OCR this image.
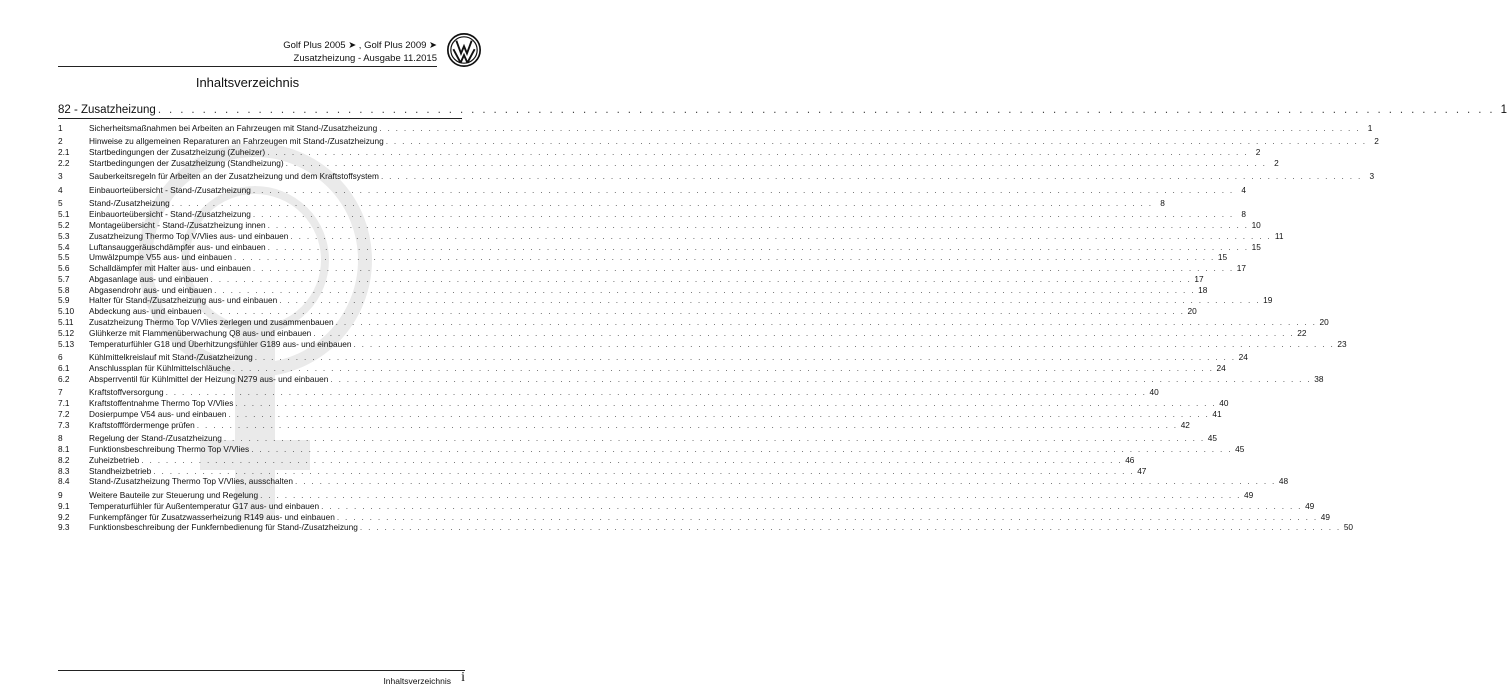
Golf Plus 2005 ➤ , Golf Plus 2009 ➤
Zusatzheizung - Ausgabe 11.2015
Inhaltsverzeichnis
82 - Zusatzheizung . . . . . . . . . . . . . . . . . . . . . . . . . . . . . . . . . . . . . . . . . . . . . . . . . . . . . . . . . . . . . . . . . . . . . . . . . . . . . . . . . . . . . . . . . . . . . . . . . . . . . . . . . . . . . . . . . . . . . . . . 1
1	Sicherheitsmaßnahmen bei Arbeiten an Fahrzeugen mit Stand-/Zusatzheizung . . . . . . . . . . . . . . . . . . . . . . . . . . . . . . . . . . . . . . . . . . . . . . . . . . . . . . . . . . . . . . . . . . . . . . . . . . . . . . . . . . . . . . . . . . . . . . . . . . . . . . . . . . . . . . . . . . . . . . . . 1
2	Hinweise zu allgemeinen Reparaturen an Fahrzeugen mit Stand-/Zusatzheizung . . . . . . . . . . . . . . . . . . . . . . . . . . . . . . . . . . . . . . . . . . . . . . . . . . . . . . . . . . . . . . . . . . . . . . . . . . . . . . . . . . . . . . . . . . . . . . . . . . . . . . . . . . . . . . . . . . . . . . . . 2
2.1	Startbedingungen der Zusatzheizung (Zuheizer) . . . . . . . . . . . . . . . . . . . . . . . . . . . . . . . . . . . . . . . . . . . . . . . . . . . . . . . . . . . . . . . . . . . . . . . . . . . . . . . . . . . . . . . . . . . . . . . . . . . . . . . . . . . . . . . . . . . . . . . . 2
2.2	Startbedingungen der Zusatzheizung (Standheizung) . . . . . . . . . . . . . . . . . . . . . . . . . . . . . . . . . . . . . . . . . . . . . . . . . . . . . . . . . . . . . . . . . . . . . . . . . . . . . . . . . . . . . . . . . . . . . . . . . . . . . . . . . . . . . . . . . . . . . . . . 2
3	Sauberkeitsregeln für Arbeiten an der Zusatzheizung und dem Kraftstoffsystem . . . . . . . . . . . . . . . . . . . . . . . . . . . . . . . . . . . . . . . . . . . . . . . . . . . . . . . . . . . . . . . . . . . . . . . . . . . . . . . . . . . . . . . . . . . . . . . . . . . . . . . . . . . . . . . . . . . . . . . . 3
4	Einbauorteübersicht - Stand-/Zusatzheizung . . . . . . . . . . . . . . . . . . . . . . . . . . . . . . . . . . . . . . . . . . . . . . . . . . . . . . . . . . . . . . . . . . . . . . . . . . . . . . . . . . . . . . . . . . . . . . . . . . . . . . . . . . . . . . . . . . . . . . . . 4
5	Stand-/Zusatzheizung . . . . . . . . . . . . . . . . . . . . . . . . . . . . . . . . . . . . . . . . . . . . . . . . . . . . . . . . . . . . . . . . . . . . . . . . . . . . . . . . . . . . . . . . . . . . . . . . . . . . . . . . . . . . . . . . . . . . . . . . 8
5.1	Einbauorteübersicht - Stand-/Zusatzheizung . . . . . . . . . . . . . . . . . . . . . . . . . . . . . . . . . . . . . . . . . . . . . . . . . . . . . . . . . . . . . . . . . . . . . . . . . . . . . . . . . . . . . . . . . . . . . . . . . . . . . . . . . . . . . . . . . . . . . . . . 8
5.2	Montageübersicht - Stand-/Zusatzheizung innen . . . . . . . . . . . . . . . . . . . . . . . . . . . . . . . . . . . . . . . . . . . . . . . . . . . . . . . . . . . . . . . . . . . . . . . . . . . . . . . . . . . . . . . . . . . . . . . . . . . . . . . . . . . . . . . . . . . . . . . . 10
5.3	Zusatzheizung Thermo Top V/Vlies aus- und einbauen . . . . . . . . . . . . . . . . . . . . . . . . . . . . . . . . . . . . . . . . . . . . . . . . . . . . . . . . . . . . . . . . . . . . . . . . . . . . . . . . . . . . . . . . . . . . . . . . . . . . . . . . . . . . . . . . . . . . . . . . 11
5.4	Luftansauggeräuschdämpfer aus- und einbauen . . . . . . . . . . . . . . . . . . . . . . . . . . . . . . . . . . . . . . . . . . . . . . . . . . . . . . . . . . . . . . . . . . . . . . . . . . . . . . . . . . . . . . . . . . . . . . . . . . . . . . . . . . . . . . . . . . . . . . . . 15
5.5	Umwälzpumpe V55 aus- und einbauen . . . . . . . . . . . . . . . . . . . . . . . . . . . . . . . . . . . . . . . . . . . . . . . . . . . . . . . . . . . . . . . . . . . . . . . . . . . . . . . . . . . . . . . . . . . . . . . . . . . . . . . . . . . . . . . . . . . . . . . . 15
5.6	Schalldämpfer mit Halter aus- und einbauen . . . . . . . . . . . . . . . . . . . . . . . . . . . . . . . . . . . . . . . . . . . . . . . . . . . . . . . . . . . . . . . . . . . . . . . . . . . . . . . . . . . . . . . . . . . . . . . . . . . . . . . . . . . . . . . . . . . . . . . . 17
5.7	Abgasanlage aus- und einbauen . . . . . . . . . . . . . . . . . . . . . . . . . . . . . . . . . . . . . . . . . . . . . . . . . . . . . . . . . . . . . . . . . . . . . . . . . . . . . . . . . . . . . . . . . . . . . . . . . . . . . . . . . . . . . . . . . . . . . . . . 17
5.8	Abgasendrohr aus- und einbauen . . . . . . . . . . . . . . . . . . . . . . . . . . . . . . . . . . . . . . . . . . . . . . . . . . . . . . . . . . . . . . . . . . . . . . . . . . . . . . . . . . . . . . . . . . . . . . . . . . . . . . . . . . . . . . . . . . . . . . . . 18
5.9	Halter für Stand-/Zusatzheizung aus- und einbauen . . . . . . . . . . . . . . . . . . . . . . . . . . . . . . . . . . . . . . . . . . . . . . . . . . . . . . . . . . . . . . . . . . . . . . . . . . . . . . . . . . . . . . . . . . . . . . . . . . . . . . . . . . . . . . . . . . . . . . . . 19
5.10	Abdeckung aus- und einbauen . . . . . . . . . . . . . . . . . . . . . . . . . . . . . . . . . . . . . . . . . . . . . . . . . . . . . . . . . . . . . . . . . . . . . . . . . . . . . . . . . . . . . . . . . . . . . . . . . . . . . . . . . . . . . . . . . . . . . . . . 20
5.11	Zusatzheizung Thermo Top V/Vlies zerlegen und zusammenbauen . . . . . . . . . . . . . . . . . . . . . . . . . . . . . . . . . . . . . . . . . . . . . . . . . . . . . . . . . . . . . . . . . . . . . . . . . . . . . . . . . . . . . . . . . . . . . . . . . . . . . . . . . . . . . . . . . . . . . . . . 20
5.12	Glühkerze mit Flammenüberwachung Q8 aus- und einbauen . . . . . . . . . . . . . . . . . . . . . . . . . . . . . . . . . . . . . . . . . . . . . . . . . . . . . . . . . . . . . . . . . . . . . . . . . . . . . . . . . . . . . . . . . . . . . . . . . . . . . . . . . . . . . . . . . . . . . . . . 22
5.13	Temperaturfühler G18 und Überhitzungsfühler G189 aus- und einbauen . . . . . . . . . . . . . . . . . . . . . . . . . . . . . . . . . . . . . . . . . . . . . . . . . . . . . . . . . . . . . . . . . . . . . . . . . . . . . . . . . . . . . . . . . . . . . . . . . . . . . . . . . . . . . . . . . . . . . . . . 23
6	Kühlmittelkreislauf mit Stand-/Zusatzheizung . . . . . . . . . . . . . . . . . . . . . . . . . . . . . . . . . . . . . . . . . . . . . . . . . . . . . . . . . . . . . . . . . . . . . . . . . . . . . . . . . . . . . . . . . . . . . . . . . . . . . . . . . . . . . . . . . . . . . . . . 24
6.1	Anschlussplan für Kühlmittelschläuche . . . . . . . . . . . . . . . . . . . . . . . . . . . . . . . . . . . . . . . . . . . . . . . . . . . . . . . . . . . . . . . . . . . . . . . . . . . . . . . . . . . . . . . . . . . . . . . . . . . . . . . . . . . . . . . . . . . . . . . . 24
6.2	Absperrventil für Kühlmittel der Heizung N279 aus- und einbauen . . . . . . . . . . . . . . . . . . . . . . . . . . . . . . . . . . . . . . . . . . . . . . . . . . . . . . . . . . . . . . . . . . . . . . . . . . . . . . . . . . . . . . . . . . . . . . . . . . . . . . . . . . . . . . . . . . . . . . . . 38
7	Kraftstoffversorgung . . . . . . . . . . . . . . . . . . . . . . . . . . . . . . . . . . . . . . . . . . . . . . . . . . . . . . . . . . . . . . . . . . . . . . . . . . . . . . . . . . . . . . . . . . . . . . . . . . . . . . . . . . . . . . . . . . . . . . . . 40
7.1	Kraftstoffentnahme Thermo Top V/Vlies . . . . . . . . . . . . . . . . . . . . . . . . . . . . . . . . . . . . . . . . . . . . . . . . . . . . . . . . . . . . . . . . . . . . . . . . . . . . . . . . . . . . . . . . . . . . . . . . . . . . . . . . . . . . . . . . . . . . . . . . 40
7.2	Dosierpumpe V54 aus- und einbauen . . . . . . . . . . . . . . . . . . . . . . . . . . . . . . . . . . . . . . . . . . . . . . . . . . . . . . . . . . . . . . . . . . . . . . . . . . . . . . . . . . . . . . . . . . . . . . . . . . . . . . . . . . . . . . . . . . . . . . . . 41
7.3	Kraftstofffördermenge prüfen . . . . . . . . . . . . . . . . . . . . . . . . . . . . . . . . . . . . . . . . . . . . . . . . . . . . . . . . . . . . . . . . . . . . . . . . . . . . . . . . . . . . . . . . . . . . . . . . . . . . . . . . . . . . . . . . . . . . . . . . 42
8	Regelung der Stand-/Zusatzheizung . . . . . . . . . . . . . . . . . . . . . . . . . . . . . . . . . . . . . . . . . . . . . . . . . . . . . . . . . . . . . . . . . . . . . . . . . . . . . . . . . . . . . . . . . . . . . . . . . . . . . . . . . . . . . . . . . . . . . . . . 45
8.1	Funktionsbeschreibung Thermo Top V/Vlies . . . . . . . . . . . . . . . . . . . . . . . . . . . . . . . . . . . . . . . . . . . . . . . . . . . . . . . . . . . . . . . . . . . . . . . . . . . . . . . . . . . . . . . . . . . . . . . . . . . . . . . . . . . . . . . . . . . . . . . . 45
8.2	Zuheizbetrieb . . . . . . . . . . . . . . . . . . . . . . . . . . . . . . . . . . . . . . . . . . . . . . . . . . . . . . . . . . . . . . . . . . . . . . . . . . . . . . . . . . . . . . . . . . . . . . . . . . . . . . . . . . . . . . . . . . . . . . . . 46
8.3	Standheizbetrieb . . . . . . . . . . . . . . . . . . . . . . . . . . . . . . . . . . . . . . . . . . . . . . . . . . . . . . . . . . . . . . . . . . . . . . . . . . . . . . . . . . . . . . . . . . . . . . . . . . . . . . . . . . . . . . . . . . . . . . . . 47
8.4	Stand-/Zusatzheizung Thermo Top V/Vlies, ausschalten . . . . . . . . . . . . . . . . . . . . . . . . . . . . . . . . . . . . . . . . . . . . . . . . . . . . . . . . . . . . . . . . . . . . . . . . . . . . . . . . . . . . . . . . . . . . . . . . . . . . . . . . . . . . . . . . . . . . . . . . 48
9	Weitere Bauteile zur Steuerung und Regelung . . . . . . . . . . . . . . . . . . . . . . . . . . . . . . . . . . . . . . . . . . . . . . . . . . . . . . . . . . . . . . . . . . . . . . . . . . . . . . . . . . . . . . . . . . . . . . . . . . . . . . . . . . . . . . . . . . . . . . . . 49
9.1	Temperaturfühler für Außentemperatur G17 aus- und einbauen . . . . . . . . . . . . . . . . . . . . . . . . . . . . . . . . . . . . . . . . . . . . . . . . . . . . . . . . . . . . . . . . . . . . . . . . . . . . . . . . . . . . . . . . . . . . . . . . . . . . . . . . . . . . . . . . . . . . . . . . 49
9.2	Funkempfänger für Zusatzwasserheizung R149 aus- und einbauen . . . . . . . . . . . . . . . . . . . . . . . . . . . . . . . . . . . . . . . . . . . . . . . . . . . . . . . . . . . . . . . . . . . . . . . . . . . . . . . . . . . . . . . . . . . . . . . . . . . . . . . . . . . . . . . . . . . . . . . . 49
9.3	Funktionsbeschreibung der Funkfernbedienung für Stand-/Zusatzheizung . . . . . . . . . . . . . . . . . . . . . . . . . . . . . . . . . . . . . . . . . . . . . . . . . . . . . . . . . . . . . . . . . . . . . . . . . . . . . . . . . . . . . . . . . . . . . . . . . . . . . . . . . . . . . . . . . . . . . . . . 50
Inhaltsverzeichnis i
